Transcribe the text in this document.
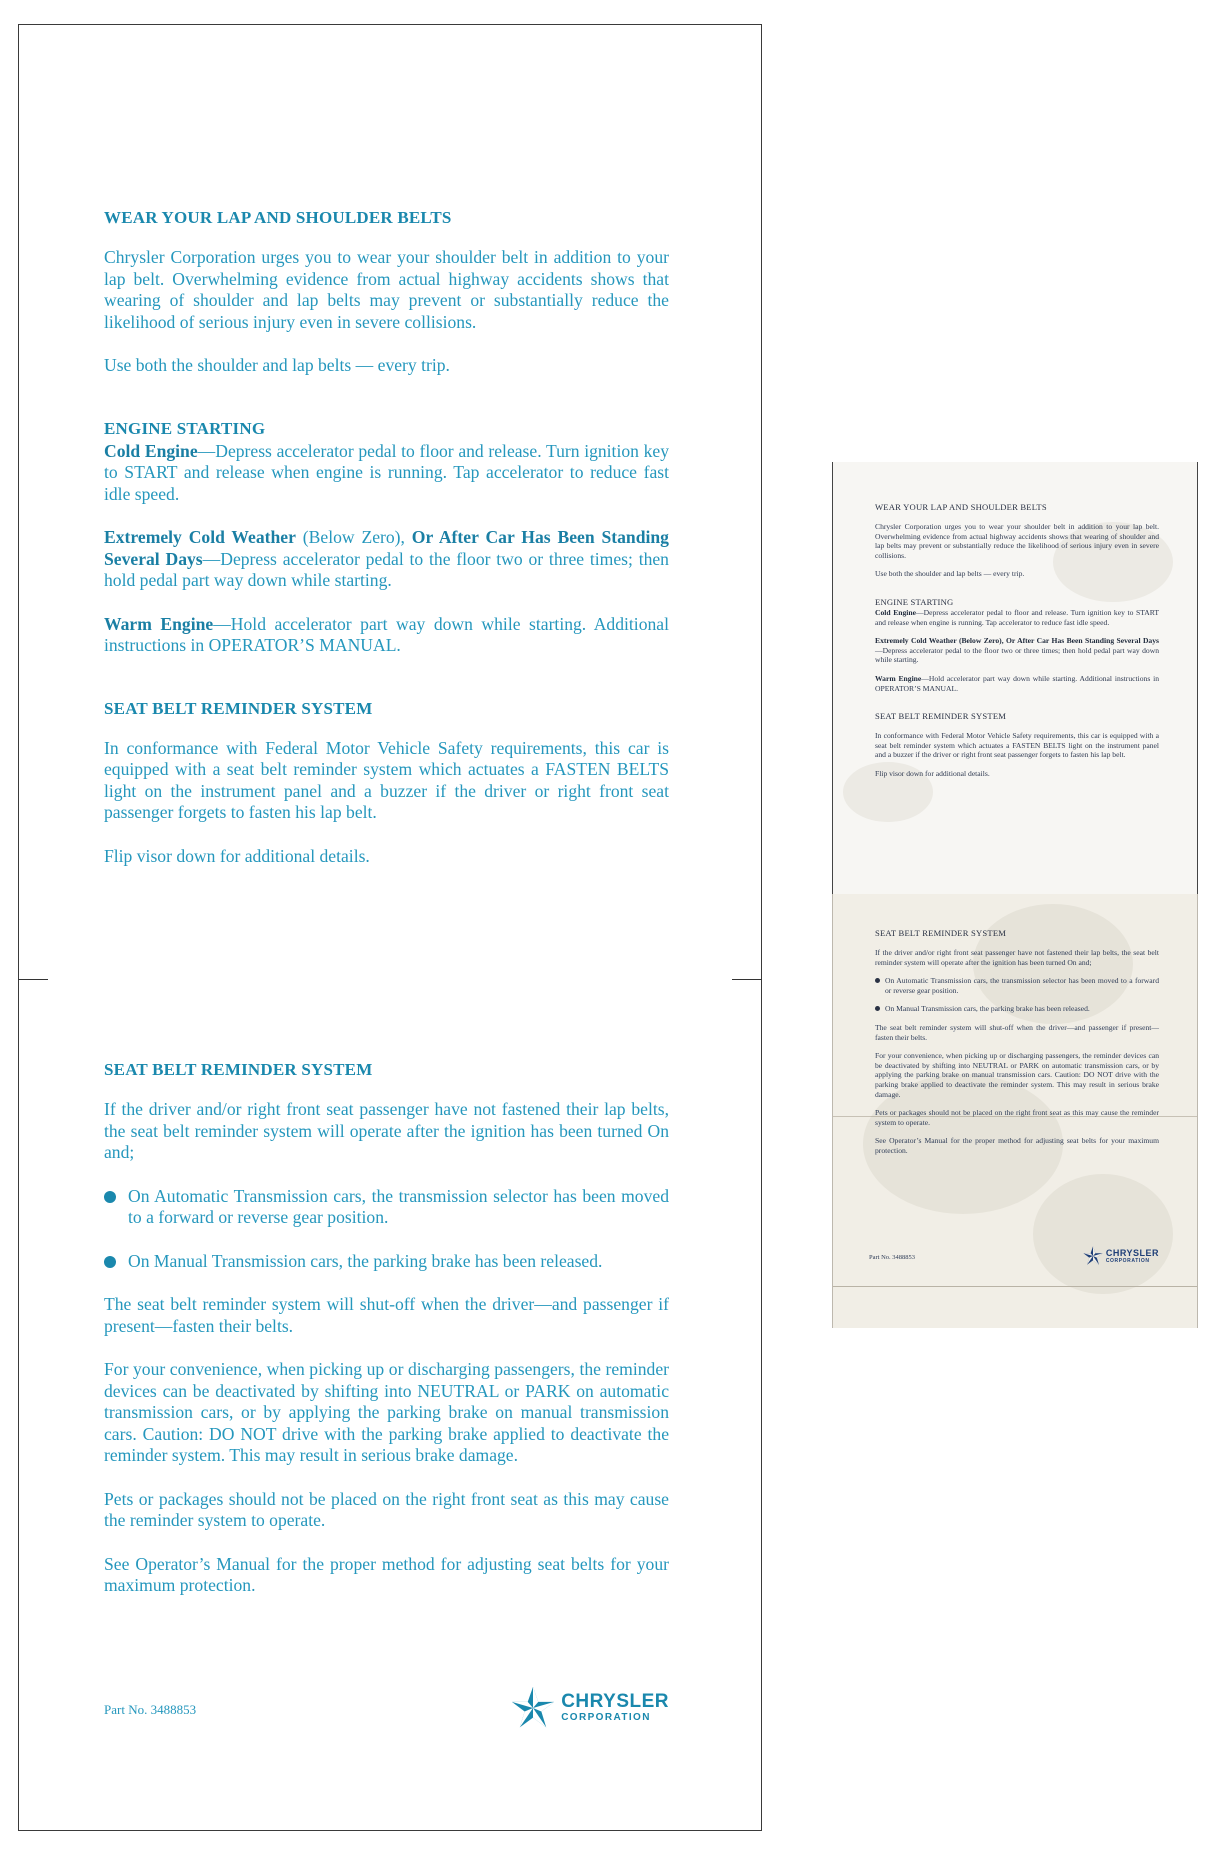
WEAR YOUR LAP AND SHOULDER BELTS

Chrysler Corporation urges you to wear your shoulder belt in addition to your lap belt. Overwhelming evidence from actual highway accidents shows that wearing of shoulder and lap belts may prevent or substantially reduce the likelihood of serious injury even in severe collisions.

Use both the shoulder and lap belts — every trip.

ENGINE STARTING

Cold Engine—Depress accelerator pedal to floor and release. Turn ignition key to START and release when engine is running. Tap accelerator to reduce fast idle speed.

Extremely Cold Weather (Below Zero), Or After Car Has Been Standing Several Days—Depress accelerator pedal to the floor two or three times; then hold pedal part way down while starting.

Warm Engine—Hold accelerator part way down while starting. Additional instructions in OPERATOR’S MANUAL.

SEAT BELT REMINDER SYSTEM

In conformance with Federal Motor Vehicle Safety requirements, this car is equipped with a seat belt reminder system which actuates a FASTEN BELTS light on the instrument panel and a buzzer if the driver or right front seat passenger forgets to fasten his lap belt.

Flip visor down for additional details.

SEAT BELT REMINDER SYSTEM

If the driver and/or right front seat passenger have not fastened their lap belts, the seat belt reminder system will operate after the ignition has been turned On and;

On Automatic Transmission cars, the transmission selector has been moved to a forward or reverse gear position.

On Manual Transmission cars, the parking brake has been released.

The seat belt reminder system will shut-off when the driver—and passenger if present—fasten their belts.

For your convenience, when picking up or discharging passengers, the reminder devices can be deactivated by shifting into NEUTRAL or PARK on automatic transmission cars, or by applying the parking brake on manual transmission cars. Caution: DO NOT drive with the parking brake applied to deactivate the reminder system. This may result in serious brake damage.

Pets or packages should not be placed on the right front seat as this may cause the reminder system to operate.

See Operator’s Manual for the proper method for adjusting seat belts for your maximum protection.

Part No. 3488853	CHRYSLER
CORPORATION
WEAR YOUR LAP AND SHOULDER BELTS

Chrysler Corporation urges you to wear your shoulder belt in addition to your lap belt. Overwhelming evidence from actual highway accidents shows that wearing of shoulder and lap belts may prevent or substantially reduce the likelihood of serious injury even in severe collisions.

Use both the shoulder and lap belts — every trip.

ENGINE STARTING

Cold Engine—Depress accelerator pedal to floor and release. Turn ignition key to START and release when engine is running. Tap accelerator to reduce fast idle speed.

Extremely Cold Weather (Below Zero), Or After Car Has Been Standing Several Days—Depress accelerator pedal to the floor two or three times; then hold pedal part way down while starting.

Warm Engine—Hold accelerator part way down while starting. Additional instructions in OPERATOR’S MANUAL.

SEAT BELT REMINDER SYSTEM

In conformance with Federal Motor Vehicle Safety requirements, this car is equipped with a seat belt reminder system which actuates a FASTEN BELTS light on the instrument panel and a buzzer if the driver or right front seat passenger forgets to fasten his lap belt.

Flip visor down for additional details.

SEAT BELT REMINDER SYSTEM

If the driver and/or right front seat passenger have not fastened their lap belts, the seat belt reminder system will operate after the ignition has been turned On and;

On Automatic Transmission cars, the transmission selector has been moved to a forward or reverse gear position.

On Manual Transmission cars, the parking brake has been released.

The seat belt reminder system will shut-off when the driver—and passenger if present—fasten their belts.

For your convenience, when picking up or discharging passengers, the reminder devices can be deactivated by shifting into NEUTRAL or PARK on automatic transmission cars, or by applying the parking brake on manual transmission cars. Caution: DO NOT drive with the parking brake applied to deactivate the reminder system. This may result in serious brake damage.

Pets or packages should not be placed on the right front seat as this may cause the reminder system to operate.

See Operator’s Manual for the proper method for adjusting seat belts for your maximum protection.

Part No. 3488853	CHRYSLER
CORPORATION
